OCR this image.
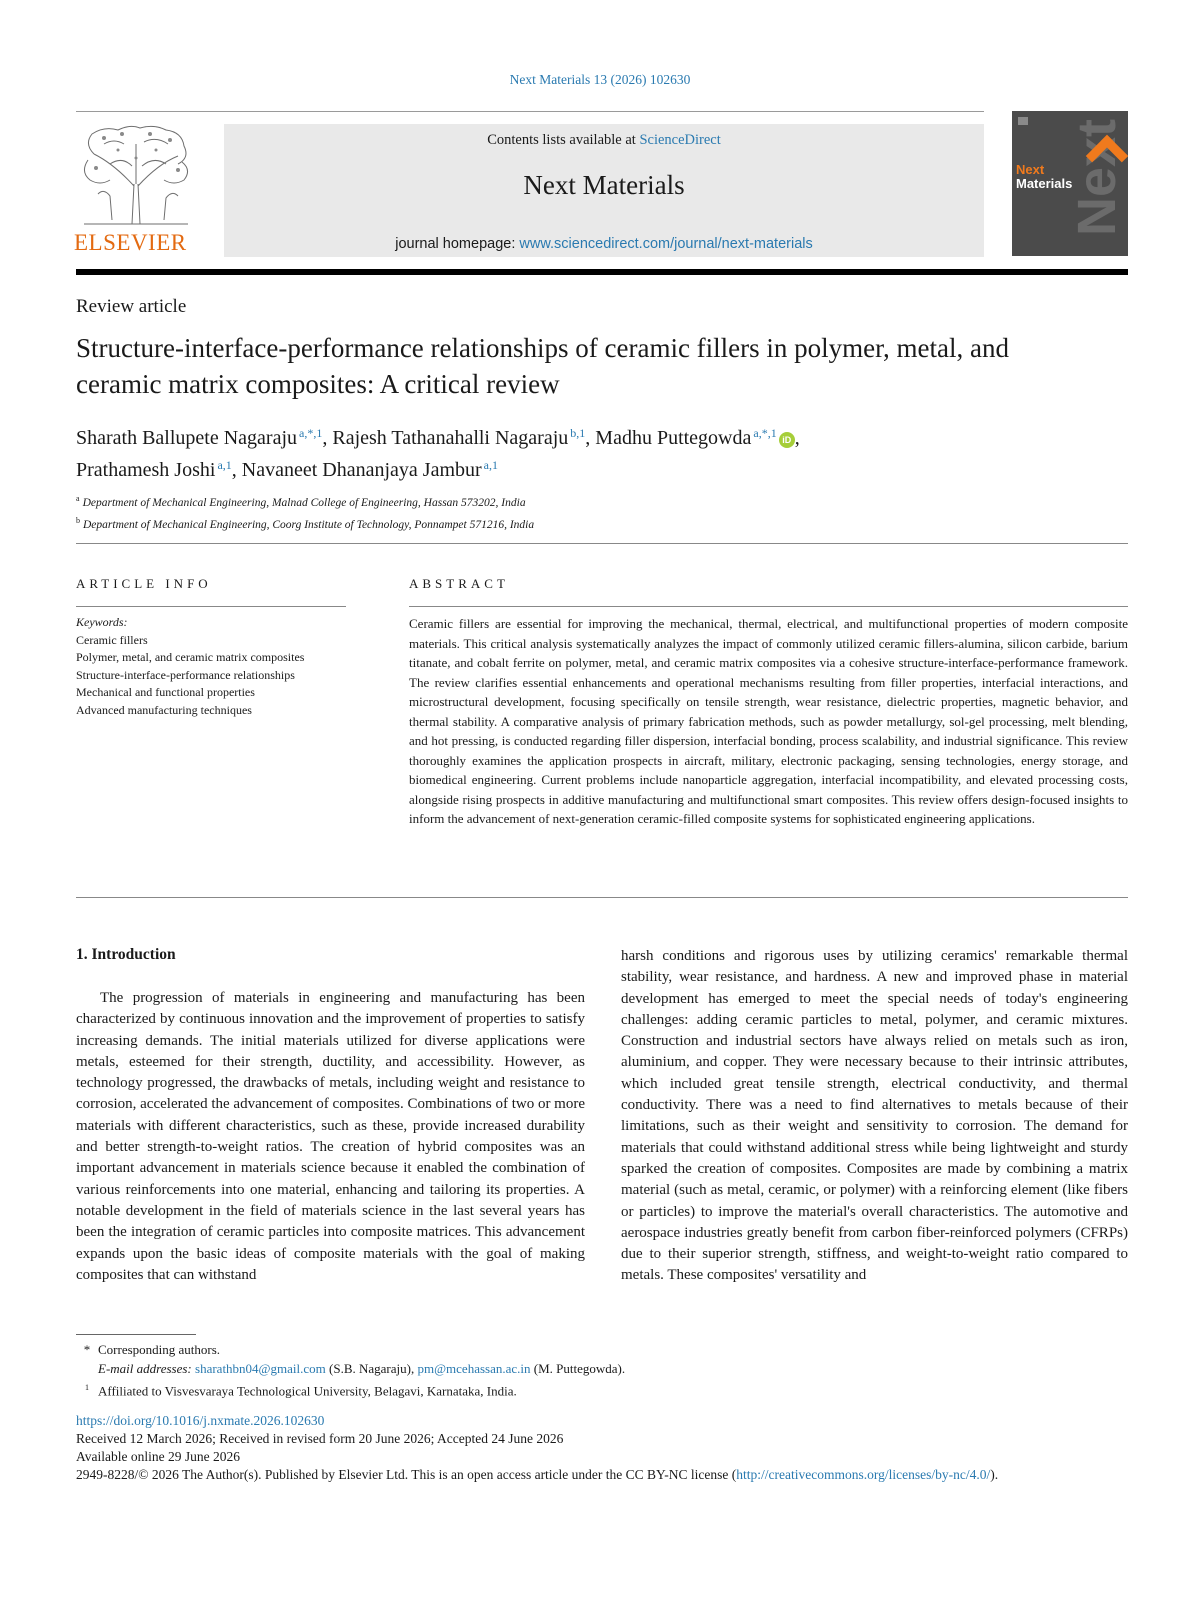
Next Materials 13 (2026) 102630
ELSEVIER
Contents lists available at ScienceDirect
Next Materials
journal homepage: www.sciencedirect.com/journal/next-materials
Next
Next
Materials
Review article
Structure-interface-performance relationships of ceramic fillers in polymer, metal, and ceramic matrix composites: A critical review
Sharath Ballupete Nagaraju $^{a,*,1}$, Rajesh Tathanahalli Nagaraju $^{b,1}$, Madhu Puttegowda $^{a,*,1}$ iD ,
Prathamesh Joshi $^{a,1}$, Navaneet Dhananjaya Jambur $^{a,1}$
$^a$ Department of Mechanical Engineering, Malnad College of Engineering, Hassan 573202, India
$^b$ Department of Mechanical Engineering, Coorg Institute of Technology, Ponnampet 571216, India
ARTICLE INFO
Keywords:
Ceramic fillers
Polymer, metal, and ceramic matrix composites
Structure-interface-performance relationships
Mechanical and functional properties
Advanced manufacturing techniques
ABSTRACT
Ceramic fillers are essential for improving the mechanical, thermal, electrical, and multifunctional properties of modern composite materials. This critical analysis systematically analyzes the impact of commonly utilized ceramic fillers-alumina, silicon carbide, barium titanate, and cobalt ferrite on polymer, metal, and ceramic matrix composites via a cohesive structure-interface-performance framework. The review clarifies essential enhancements and operational mechanisms resulting from filler properties, interfacial interactions, and microstructural development, focusing specifically on tensile strength, wear resistance, dielectric properties, magnetic behavior, and thermal stability. A comparative analysis of primary fabrication methods, such as powder metallurgy, sol-gel processing, melt blending, and hot pressing, is conducted regarding filler dispersion, interfacial bonding, process scalability, and industrial significance. This review thoroughly examines the application prospects in aircraft, military, electronic packaging, sensing technologies, energy storage, and biomedical engineering. Current problems include nanoparticle aggregation, interfacial incompatibility, and elevated processing costs, alongside rising prospects in additive manufacturing and multifunctional smart composites. This review offers design-focused insights to inform the advancement of next-generation ceramic-filled composite systems for sophisticated engineering applications.
1. Introduction

The progression of materials in engineering and manufacturing has been characterized by continuous innovation and the improvement of properties to satisfy increasing demands. The initial materials utilized for diverse applications were metals, esteemed for their strength, ductility, and accessibility. However, as technology progressed, the drawbacks of metals, including weight and resistance to corrosion, accelerated the advancement of composites. Combinations of two or more materials with different characteristics, such as these, provide increased durability and better strength-to-weight ratios. The creation of hybrid composites was an important advancement in materials science because it enabled the combination of various reinforcements into one material, enhancing and tailoring its properties. A notable development in the field of materials science in the last several years has been the integration of ceramic particles into composite matrices. This advancement expands upon the basic ideas of composite materials with the goal of making composites that can withstand

harsh conditions and rigorous uses by utilizing ceramics' remarkable thermal stability, wear resistance, and hardness. A new and improved phase in material development has emerged to meet the special needs of today's engineering challenges: adding ceramic particles to metal, polymer, and ceramic mixtures. Construction and industrial sectors have always relied on metals such as iron, aluminium, and copper. They were necessary because to their intrinsic attributes, which included great tensile strength, electrical conductivity, and thermal conductivity. There was a need to find alternatives to metals because of their limitations, such as their weight and sensitivity to corrosion. The demand for materials that could withstand additional stress while being lightweight and sturdy sparked the creation of composites. Composites are made by combining a matrix material (such as metal, ceramic, or polymer) with a reinforcing element (like fibers or particles) to improve the material's overall characteristics. The automotive and aerospace industries greatly benefit from carbon fiber-reinforced polymers (CFRPs) due to their superior strength, stiffness, and weight-to-weight ratio compared to metals. These composites' versatility and

* Corresponding authors.
E-mail addresses: sharathbn04@gmail.com (S.B. Nagaraju), pm@mcehassan.ac.in (M. Puttegowda).
$^1$ Affiliated to Visvesvaraya Technological University, Belagavi, Karnataka, India.
https://doi.org/10.1016/j.nxmate.2026.102630
Received 12 March 2026; Received in revised form 20 June 2026; Accepted 24 June 2026
Available online 29 June 2026
2949-8228/© 2026 The Author(s). Published by Elsevier Ltd. This is an open access article under the CC BY-NC license (http://creativecommons.org/licenses/by-nc/4.0/).
